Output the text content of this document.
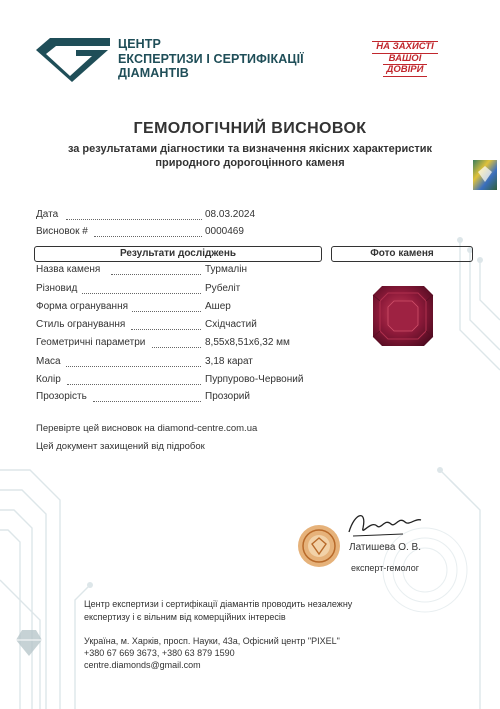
ЦЕНТР
ЕКСПЕРТИЗИ І СЕРТИФІКАЦІЇ
ДІАМАНТІВ
НА ЗАХИСТІ
ВАШОЇ
ДОВІРИ
ГЕМОЛОГІЧНИЙ ВИСНОВОК
за результатами діагностики та визначення якісних характеристик
природного дорогоцінного каменя
Дата	08.03.2024
Висновок #	0000469
Результати досліджень	Фото каменя
Назва каменя	Турмалін
Різновид	Рубеліт
Форма огранування	Ашер
Стиль огранування	Східчастий
Геометричні параметри	8,55x8,51x6,32 мм
Маса	3,18 карат
Колір	Пурпурово-Червоний
Прозорість	Прозорий
Перевірте цей висновок на diamond-centre.com.ua
Цей документ захищений від підробок
Латишева О. В.
експерт-гемолог
Центр експертизи і сертифікації діамантів проводить незалежну
експертизу і є вільним від комерційних інтересів
Україна, м. Харків, просп. Науки, 43а, Офісний центр "PIXEL"
+380 67 669 3673, +380 63 879 1590
centre.diamonds@gmail.com
